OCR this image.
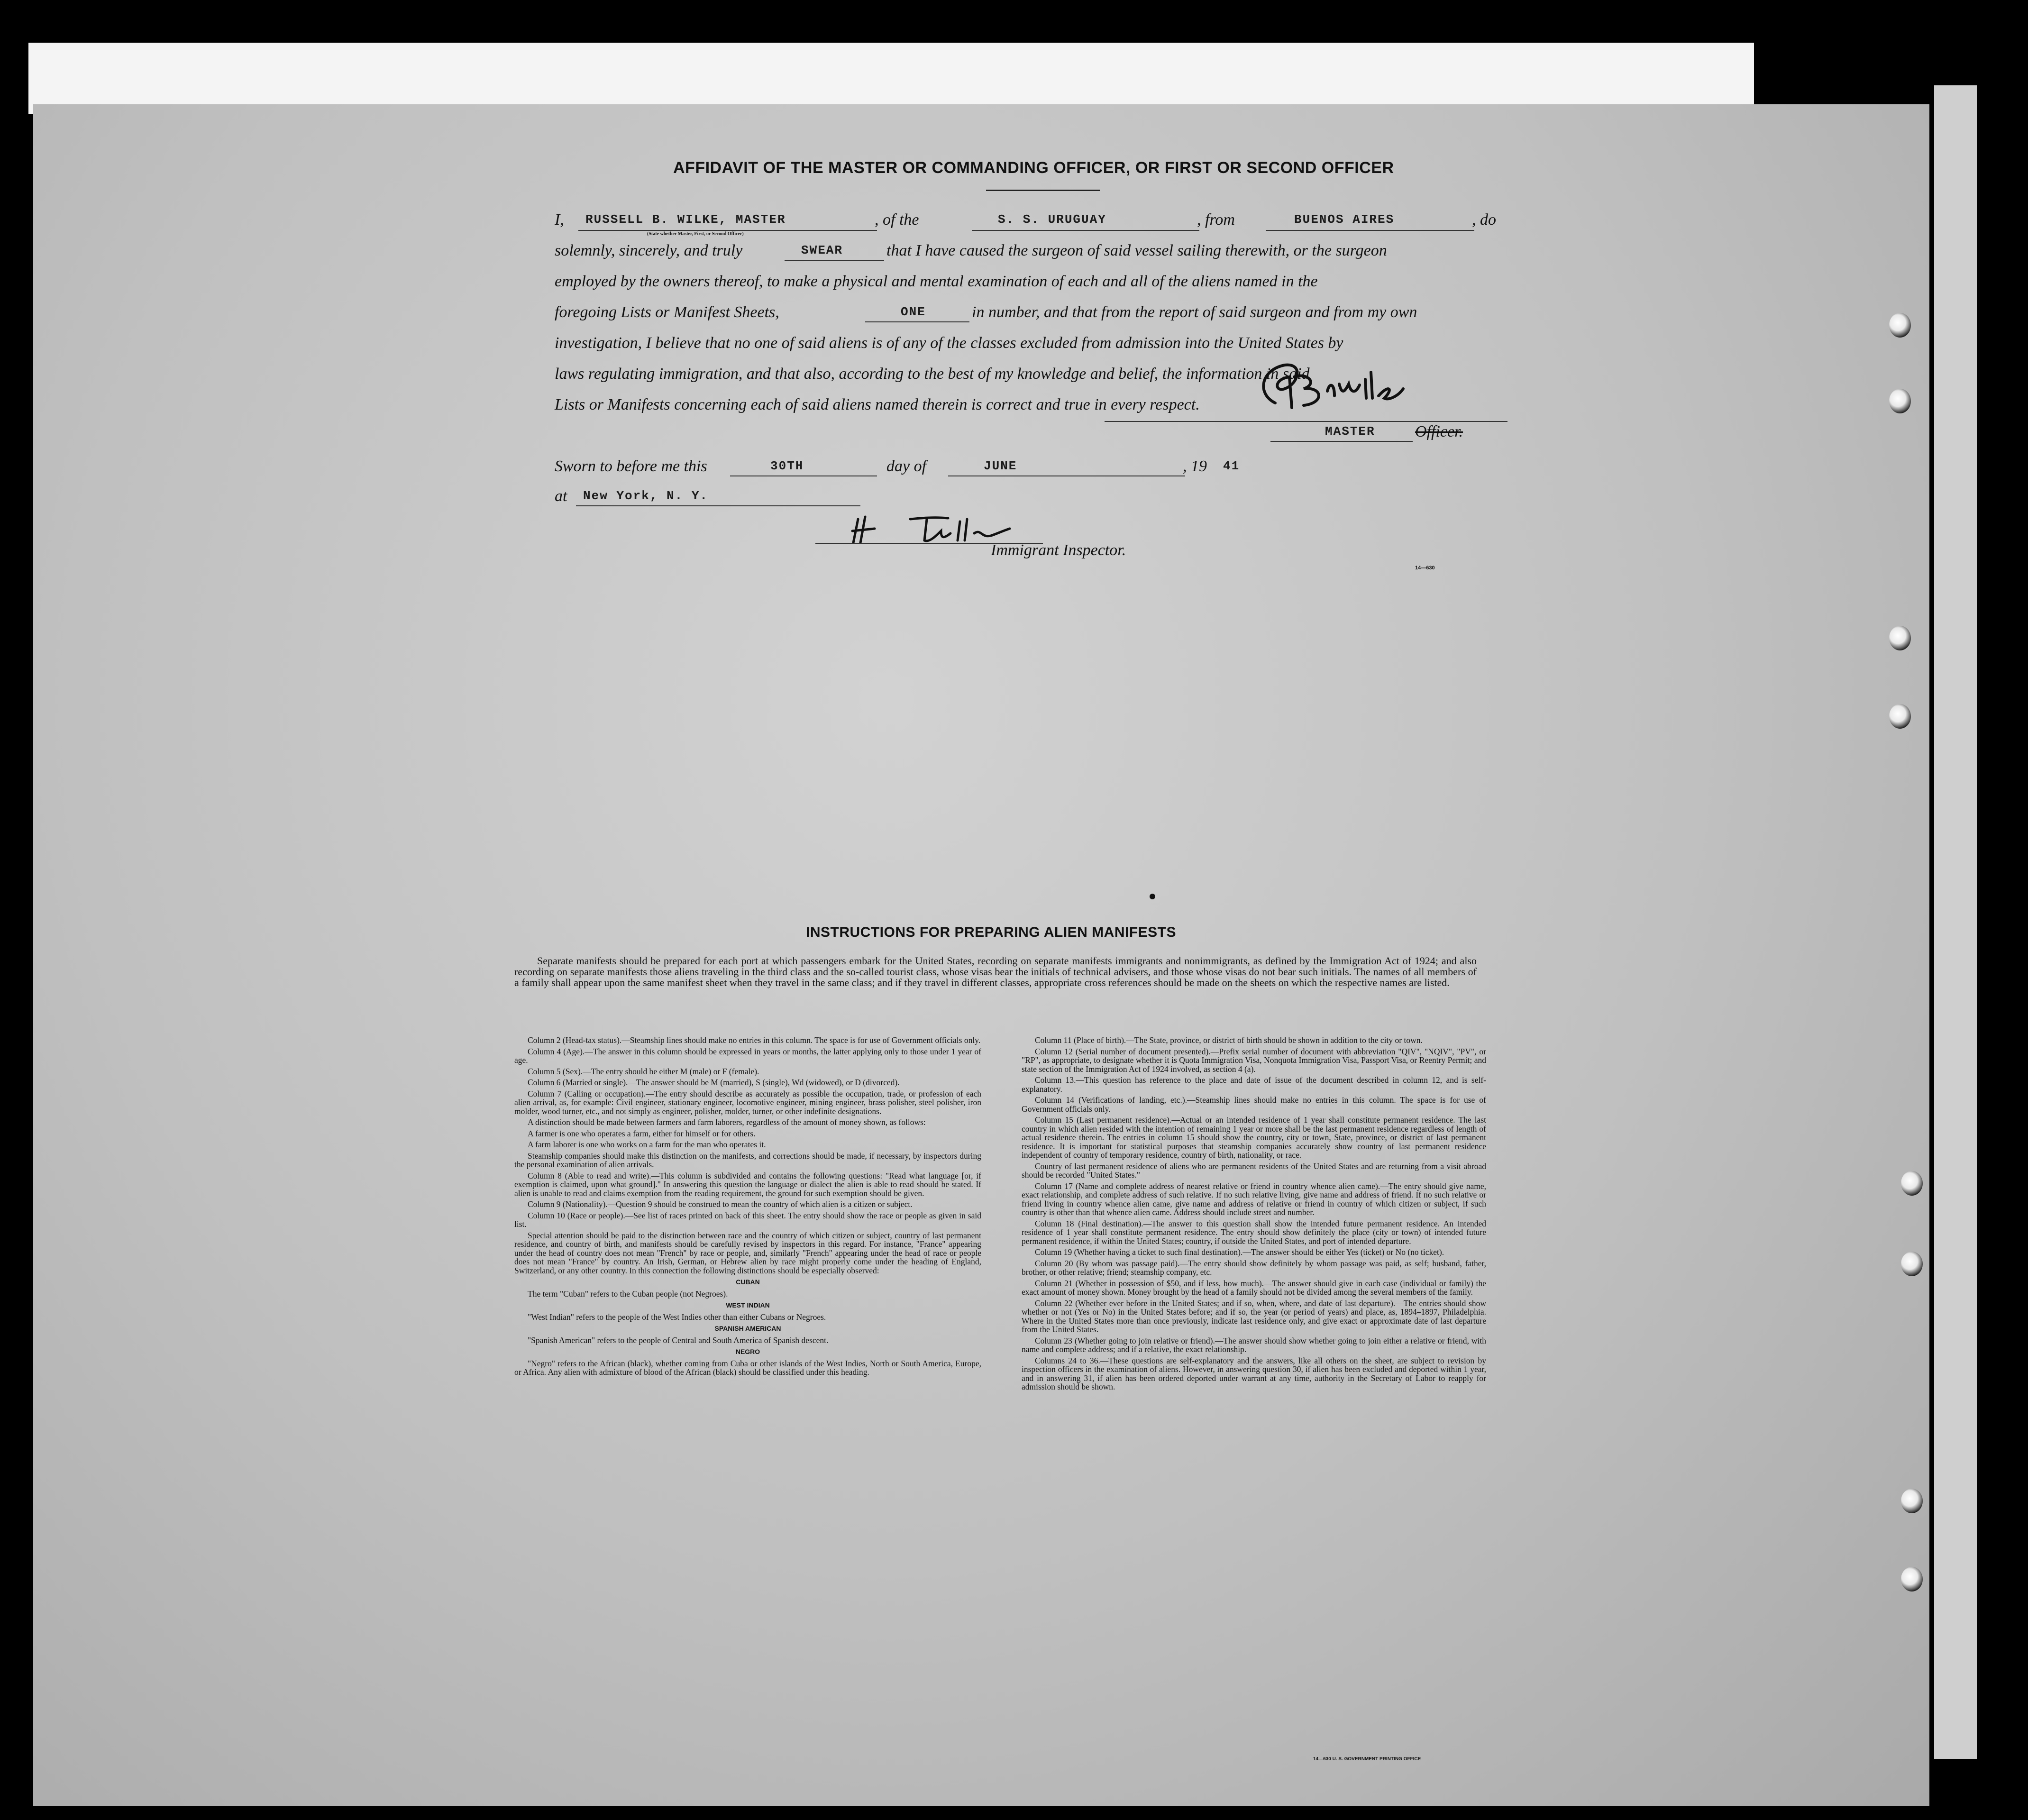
AFFIDAVIT OF THE MASTER OR COMMANDING OFFICER, OR FIRST OR SECOND OFFICER
I, RUSSELL B. WILKE, MASTER
(State whether Master, First, or Second Officer)
, of the	S. S. URUGUAY	, from	BUENOS AIRES	, do
solemnly, sincerely, and truly	SWEAR	that I have caused the surgeon of said vessel sailing therewith, or the surgeon
employed by the owners thereof, to make a physical and mental examination of each and all of the aliens named in the
foregoing Lists or Manifest Sheets,	ONE	in number, and that from the report of said surgeon and from my own
investigation, I believe that no one of said aliens is of any of the classes excluded from admission into the United States by
laws regulating immigration, and that also, according to the best of my knowledge and belief, the information in said
Lists or Manifests concerning each of said aliens named therein is correct and true in every respect.
MASTER Officer.
Sworn to before me this	30TH	day of	JUNE	, 19 41
at New York, N. Y.
Immigrant Inspector.
14—630
INSTRUCTIONS FOR PREPARING ALIEN MANIFESTS
Separate manifests should be prepared for each port at which passengers embark for the United States, recording on separate manifests immigrants and nonimmigrants, as defined by the Immigration Act of 1924; and also recording on separate manifests those aliens traveling in the third class and the so-called tourist class, whose visas bear the initials of technical advisers, and those whose visas do not bear such initials. The names of all members of a family shall appear upon the same manifest sheet when they travel in the same class; and if they travel in different classes, appropriate cross references should be made on the sheets on which the respective names are listed.

Column 2 (Head-tax status).—Steamship lines should make no entries in this column. The space is for use of Government officials only.

Column 4 (Age).—The answer in this column should be expressed in years or months, the latter applying only to those under 1 year of age.

Column 5 (Sex).—The entry should be either M (male) or F (female).

Column 6 (Married or single).—The answer should be M (married), S (single), Wd (widowed), or D (divorced).

Column 7 (Calling or occupation).—The entry should describe as accurately as possible the occupation, trade, or profession of each alien arrival, as, for example: Civil engineer, stationary engineer, locomotive engineer, mining engineer, brass polisher, steel polisher, iron molder, wood turner, etc., and not simply as engineer, polisher, molder, turner, or other indefinite designations.

A distinction should be made between farmers and farm laborers, regardless of the amount of money shown, as follows:

A farmer is one who operates a farm, either for himself or for others.

A farm laborer is one who works on a farm for the man who operates it.

Steamship companies should make this distinction on the manifests, and corrections should be made, if necessary, by inspectors during the personal examination of alien arrivals.

Column 8 (Able to read and write).—This column is subdivided and contains the following questions: "Read what language [or, if exemption is claimed, upon what ground]." In answering this question the language or dialect the alien is able to read should be stated. If alien is unable to read and claims exemption from the reading requirement, the ground for such exemption should be given.

Column 9 (Nationality).—Question 9 should be construed to mean the country of which alien is a citizen or subject.

Column 10 (Race or people).—See list of races printed on back of this sheet. The entry should show the race or people as given in said list.

Special attention should be paid to the distinction between race and the country of which citizen or subject, country of last permanent residence, and country of birth, and manifests should be carefully revised by inspectors in this regard. For instance, "France" appearing under the head of country does not mean "French" by race or people, and, similarly "French" appearing under the head of race or people does not mean "France" by country. An Irish, German, or Hebrew alien by race might properly come under the heading of England, Switzerland, or any other country. In this connection the following distinctions should be especially observed:

CUBAN

The term "Cuban" refers to the Cuban people (not Negroes).

WEST INDIAN

"West Indian" refers to the people of the West Indies other than either Cubans or Negroes.

SPANISH AMERICAN

"Spanish American" refers to the people of Central and South America of Spanish descent.

NEGRO

"Negro" refers to the African (black), whether coming from Cuba or other islands of the West Indies, North or South America, Europe, or Africa. Any alien with admixture of blood of the African (black) should be classified under this heading.

Column 11 (Place of birth).—The State, province, or district of birth should be shown in addition to the city or town.

Column 12 (Serial number of document presented).—Prefix serial number of document with abbreviation "QIV", "NQIV", "PV", or "RP", as appropriate, to designate whether it is Quota Immigration Visa, Nonquota Immigration Visa, Passport Visa, or Reentry Permit; and state section of the Immigration Act of 1924 involved, as section 4 (a).

Column 13.—This question has reference to the place and date of issue of the document described in column 12, and is self-explanatory.

Column 14 (Verifications of landing, etc.).—Steamship lines should make no entries in this column. The space is for use of Government officials only.

Column 15 (Last permanent residence).—Actual or an intended residence of 1 year shall constitute permanent residence. The last country in which alien resided with the intention of remaining 1 year or more shall be the last permanent residence regardless of length of actual residence therein. The entries in column 15 should show the country, city or town, State, province, or district of last permanent residence. It is important for statistical purposes that steamship companies accurately show country of last permanent residence independent of country of temporary residence, country of birth, nationality, or race.

Country of last permanent residence of aliens who are permanent residents of the United States and are returning from a visit abroad should be recorded "United States."

Column 17 (Name and complete address of nearest relative or friend in country whence alien came).—The entry should give name, exact relationship, and complete address of such relative. If no such relative living, give name and address of friend. If no such relative or friend living in country whence alien came, give name and address of relative or friend in country of which citizen or subject, if such country is other than that whence alien came. Address should include street and number.

Column 18 (Final destination).—The answer to this question shall show the intended future permanent residence. An intended residence of 1 year shall constitute permanent residence. The entry should show definitely the place (city or town) of intended future permanent residence, if within the United States; country, if outside the United States, and port of intended departure.

Column 19 (Whether having a ticket to such final destination).—The answer should be either Yes (ticket) or No (no ticket).

Column 20 (By whom was passage paid).—The entry should show definitely by whom passage was paid, as self; husband, father, brother, or other relative; friend; steamship company, etc.

Column 21 (Whether in possession of $50, and if less, how much).—The answer should give in each case (individual or family) the exact amount of money shown. Money brought by the head of a family should not be divided among the several members of the family.

Column 22 (Whether ever before in the United States; and if so, when, where, and date of last departure).—The entries should show whether or not (Yes or No) in the United States before; and if so, the year (or period of years) and place, as, 1894–1897, Philadelphia. Where in the United States more than once previously, indicate last residence only, and give exact or approximate date of last departure from the United States.

Column 23 (Whether going to join relative or friend).—The answer should show whether going to join either a relative or friend, with name and complete address; and if a relative, the exact relationship.

Columns 24 to 36.—These questions are self-explanatory and the answers, like all others on the sheet, are subject to revision by inspection officers in the examination of aliens. However, in answering question 30, if alien has been excluded and deported within 1 year, and in answering 31, if alien has been ordered deported under warrant at any time, authority in the Secretary of Labor to reapply for admission should be shown.

14—630 U. S. GOVERNMENT PRINTING OFFICE
